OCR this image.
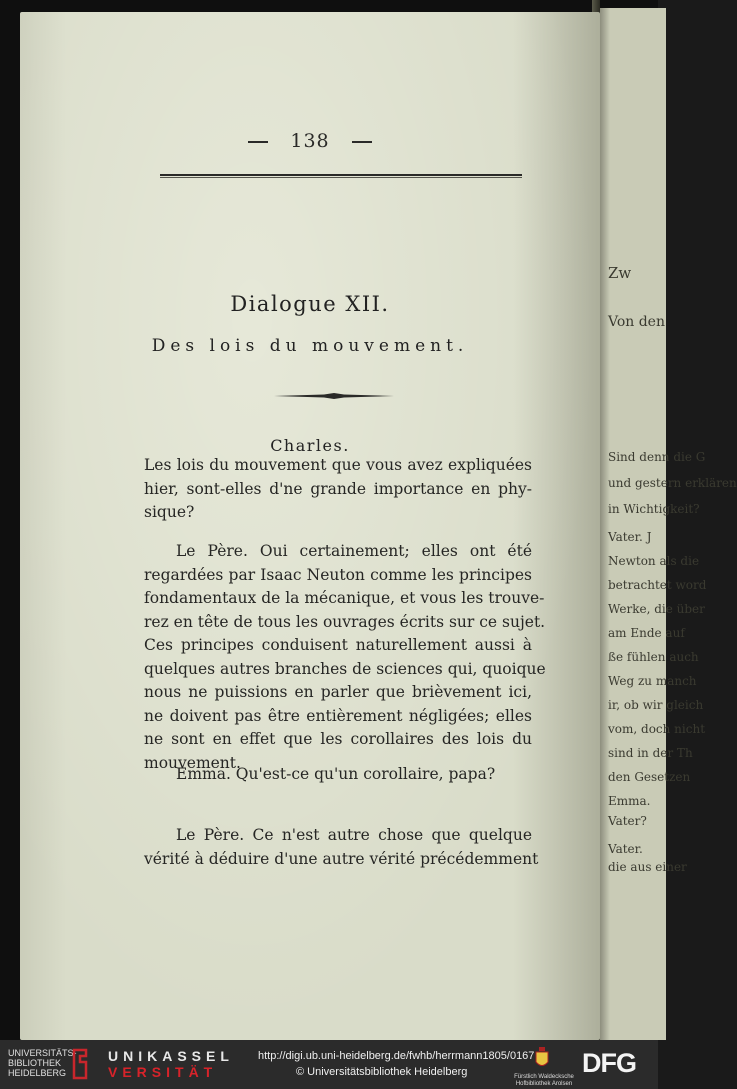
Zw
Von den
Sind denn die G
und gestern erklären
in Wichtigkeit?
Vater. J
Newton als die
betrachtet word
Werke, die über
am Ende auf
ße fühlen auch
Weg zu manch
ir, ob wir gleich
vom, doch nicht
sind in der Th
den Gesetzen
Emma.
Vater?
Vater.
die aus einer
138
Dialogue XII.
Des lois du mouvement.
Charles.
Les lois du mouvement que vous avez expliquées
hier, sont-elles d'ne grande importance en phy-
sique?
Le Père. Oui certainement; elles ont été
regardées par Isaac Neuton comme les principes
fondamentaux de la mécanique, et vous les trouve-
rez en tête de tous les ouvrages écrits sur ce sujet.
Ces principes conduisent naturellement aussi à
quelques autres branches de sciences qui, quoique
nous ne puissions en parler que brièvement ici,
ne doivent pas être entièrement négligées; elles
ne sont en effet que les corollaires des lois du
mouvement.
Emma. Qu'est-ce qu'un corollaire, papa?
Le Père. Ce n'est autre chose que quelque
vérité à déduire d'une autre vérité précédemment
UNIVERSITÄTS-
BIBLIOTHEK
HEIDELBERG
UNIKASSEL
VERSITÄT
http://digi.ub.uni-heidelberg.de/fwhb/herrmann1805/0167
© Universitätsbibliothek Heidelberg	Fürstlich Waldecksche
Hofbibliothek Arolsen
DFG
